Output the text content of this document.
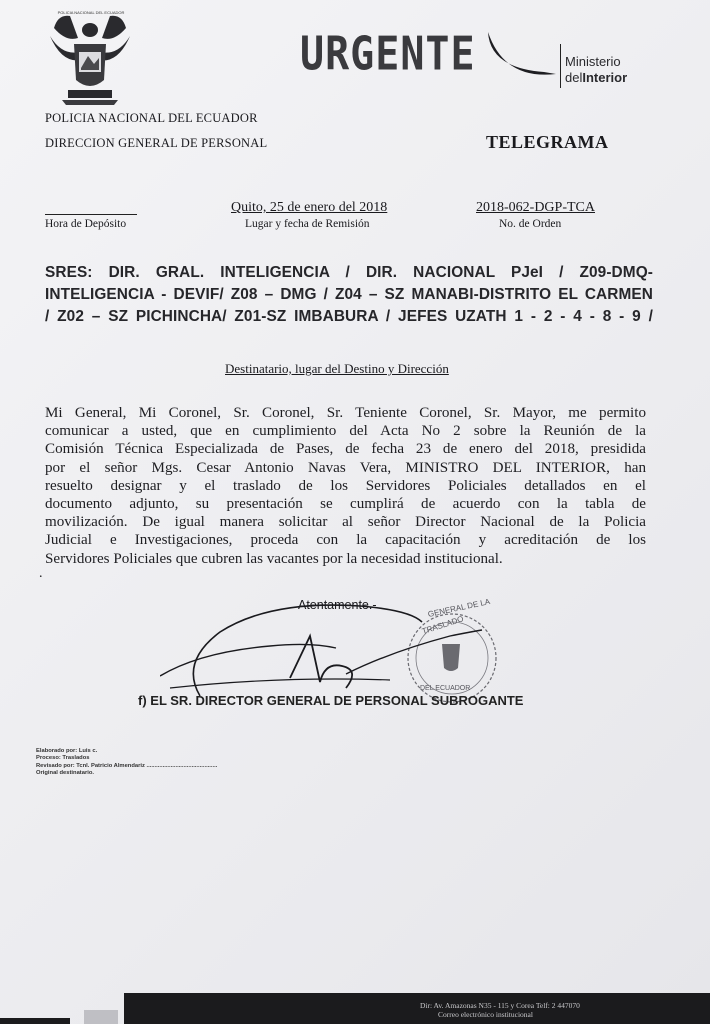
POLICIA NACIONAL DEL ECUADOR
URGENTE	Ministerio
delInterior
POLICIA NACIONAL DEL ECUADOR
DIRECCION GENERAL DE PERSONAL	TELEGRAMA
Hora de Depósito
Quito, 25 de enero del 2018
Lugar y fecha de Remisión
2018-062-DGP-TCA
No. de Orden
SRES: DIR. GRAL. INTELIGENCIA / DIR. NACIONAL PJeI / Z09-DMQ-
INTELIGENCIA - DEVIF/ Z08 – DMG / Z04 – SZ MANABI-DISTRITO EL CARMEN
/ Z02 – SZ PICHINCHA/ Z01-SZ IMBABURA / JEFES UZATH 1 - 2 - 4 - 8 - 9 /
Destinatario, lugar del Destino y Dirección
Mi General, Mi Coronel, Sr. Coronel, Sr. Teniente Coronel, Sr. Mayor, me permito
comunicar a usted, que en cumplimiento del Acta No 2 sobre la Reunión de la
Comisión Técnica Especializada de Pases, de fecha 23 de enero del 2018, presidida
por el señor Mgs. Cesar Antonio Navas Vera, MINISTRO DEL INTERIOR, han
resuelto designar y el traslado de los Servidores Policiales detallados en el
documento adjunto, su presentación se cumplirá de acuerdo con la tabla de
movilización. De igual manera solicitar al señor Director Nacional de la Policia
Judicial e Investigaciones, proceda con la capacitación y acreditación de los
Servidores Policiales que cubren las vacantes por la necesidad institucional.
.
Atentamente.-	GENERAL DE LA
TRASLADO
DEL ECUADOR
f) EL SR. DIRECTOR GENERAL DE PERSONAL SUBROGANTE
Elaborado por: Luis c.
Proceso: Traslados
Revisado por: Tcnl. Patricio Almendariz ............................................
Original destinatario.
Dir: Av. Amazonas N35 - 115 y Corea Telf: 2 447070
Correo electrónico institucional
